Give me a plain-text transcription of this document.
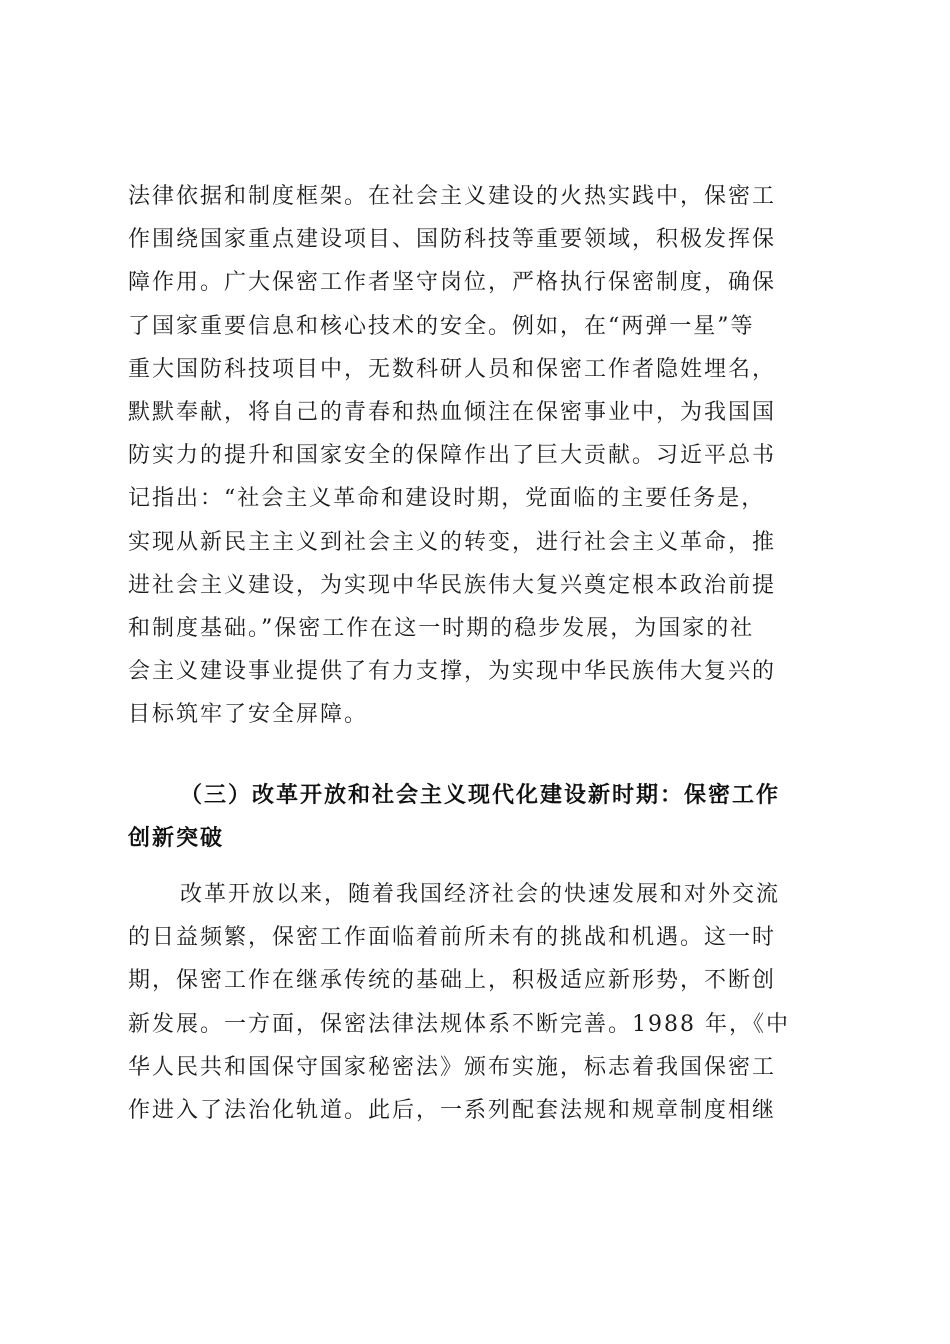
法律依据和制度框架。在社会主义建设的火热实践中，保密工
作围绕国家重点建设项目、国防科技等重要领域，积极发挥保
障作用。广大保密工作者坚守岗位，严格执行保密制度，确保
了国家重要信息和核心技术的安全。例如，在“两弹一星”等
重大国防科技项目中，无数科研人员和保密工作者隐姓埋名，
默默奉献，将自己的青春和热血倾注在保密事业中，为我国国
防实力的提升和国家安全的保障作出了巨大贡献。习近平总书
记指出：“社会主义革命和建设时期，党面临的主要任务是，
实现从新民主主义到社会主义的转变，进行社会主义革命，推
进社会主义建设，为实现中华民族伟大复兴奠定根本政治前提
和制度基础。”保密工作在这一时期的稳步发展，为国家的社
会主义建设事业提供了有力支撑，为实现中华民族伟大复兴的
目标筑牢了安全屏障。
（三）改革开放和社会主义现代化建设新时期：保密工作
创新突破
改革开放以来，随着我国经济社会的快速发展和对外交流
的日益频繁，保密工作面临着前所未有的挑战和机遇。这一时
期，保密工作在继承传统的基础上，积极适应新形势，不断创
新发展。一方面，保密法律法规体系不断完善。1988 年，《中
华人民共和国保守国家秘密法》颁布实施，标志着我国保密工
作进入了法治化轨道。此后，一系列配套法规和规章制度相继
